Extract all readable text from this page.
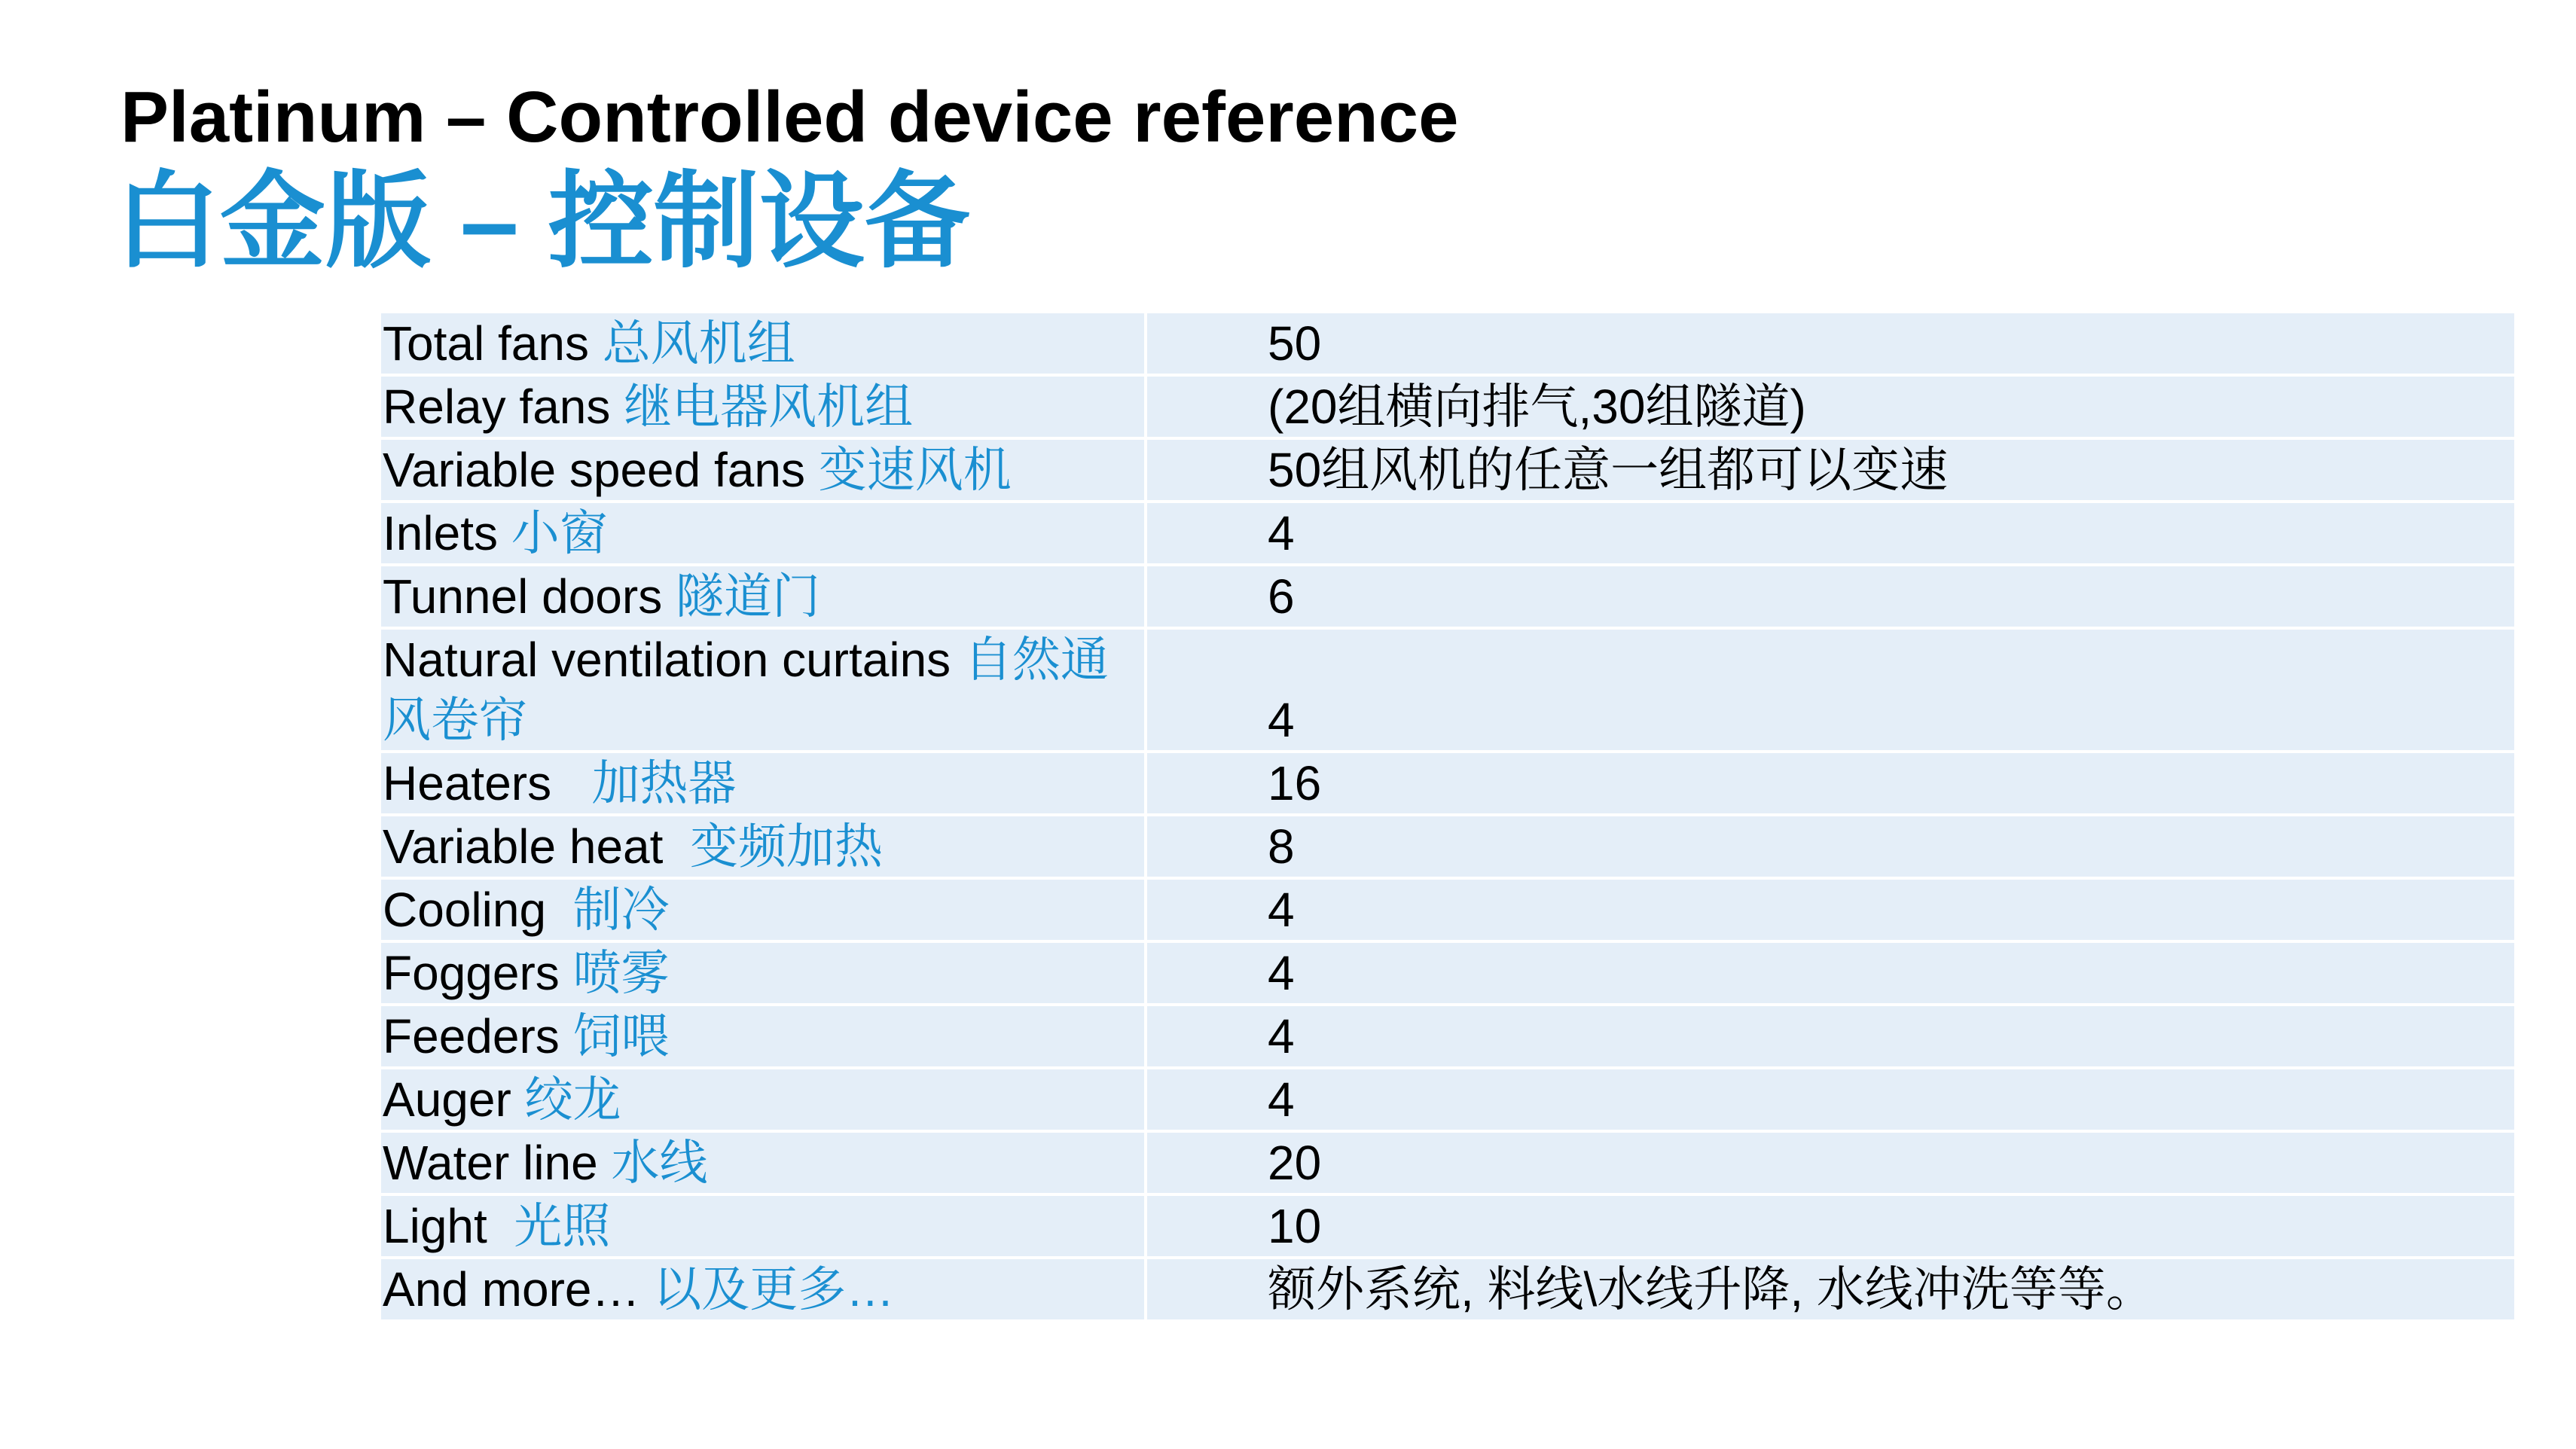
Platinum – Controlled device reference
白金版 – 控制设备
Total fans 总风机组	50
Relay fans 继电器风机组	(20组横向排气,30组隧道)
Variable speed fans 变速风机	50组风机的任意一组都可以变速
Inlets 小窗	4
Tunnel doors 隧道门	6
Natural ventilation curtains 自然通风卷帘	4
Heaters   加热器	16
Variable heat  变频加热	8
Cooling  制冷	4
Foggers 喷雾	4
Feeders 饲喂	4
Auger 绞龙	4
Water line 水线	20
Light  光照	10
And more… 以及更多…	额外系统, 料线\水线升降, 水线冲洗等等。
